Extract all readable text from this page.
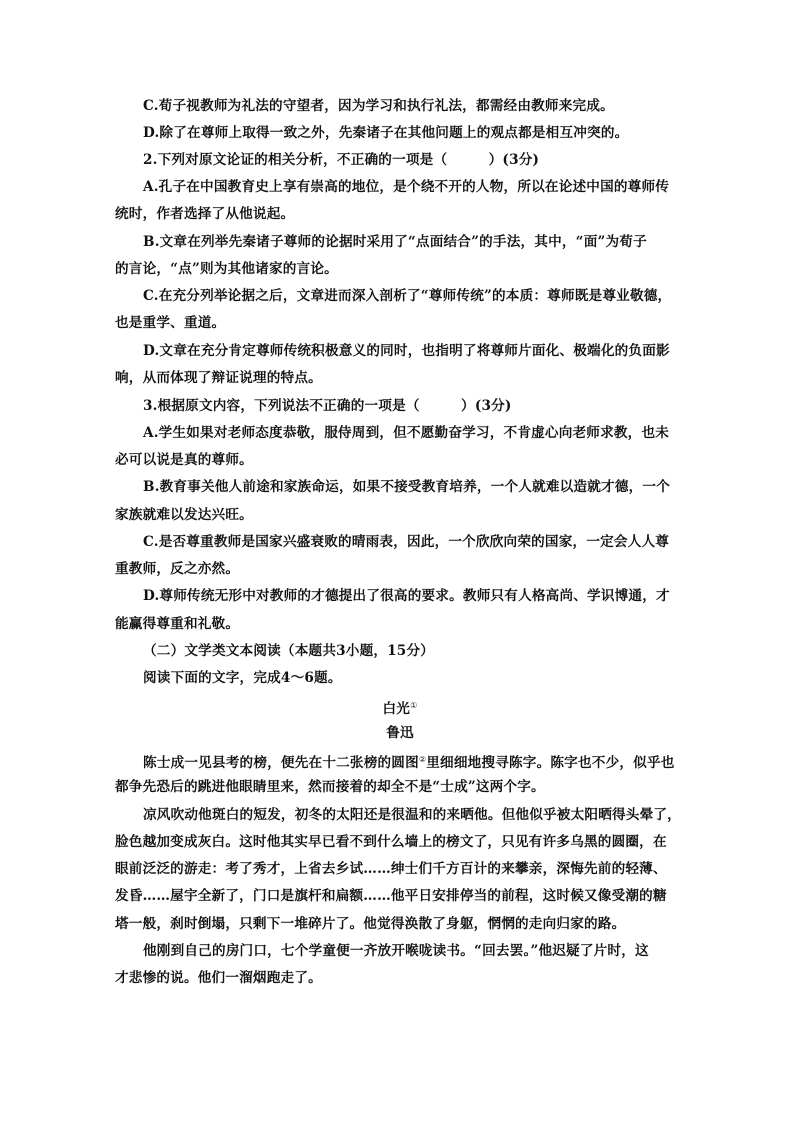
C.荀子视教师为礼法的守望者，因为学习和执行礼法，都需经由教师来完成。
D.除了在尊师上取得一致之外，先秦诸子在其他问题上的观点都是相互冲突的。
2.下列对原文论证的相关分析，不正确的一项是（　　　）(3分)
A.孔子在中国教育史上享有崇高的地位，是个绕不开的人物，所以在论述中国的尊师传
统时，作者选择了从他说起。
B.文章在列举先秦诸子尊师的论据时采用了“点面结合”的手法，其中，“面”为荀子
的言论，“点”则为其他诸家的言论。
C.在充分列举论据之后，文章进而深入剖析了“尊师传统”的本质：尊师既是尊业敬德，
也是重学、重道。
D.文章在充分肯定尊师传统积极意义的同时，也指明了将尊师片面化、极端化的负面影
响，从而体现了辩证说理的特点。
3.根据原文内容，下列说法不正确的一项是（　　　）(3分)
A.学生如果对老师态度恭敬，服侍周到，但不愿勤奋学习，不肯虚心向老师求教，也未
必可以说是真的尊师。
B.教育事关他人前途和家族命运，如果不接受教育培养，一个人就难以造就才德，一个
家族就难以发达兴旺。
C.是否尊重教师是国家兴盛衰败的晴雨表，因此，一个欣欣向荣的国家，一定会人人尊
重教师，反之亦然。
D.尊师传统无形中对教师的才德提出了很高的要求。教师只有人格高尚、学识博通，才
能赢得尊重和礼敬。
（二）文学类文本阅读（本题共3小题，15分）
阅读下面的文字，完成4～6题。
白光①
鲁迅
陈士成一见县考的榜，便先在十二张榜的圆图②里细细地搜寻陈字。陈字也不少，似乎也
都争先恐后的跳进他眼睛里来，然而接着的却全不是“士成”这两个字。
凉风吹动他斑白的短发，初冬的太阳还是很温和的来晒他。但他似乎被太阳晒得头晕了，
脸色越加变成灰白。这时他其实早已看不到什么墙上的榜文了，只见有许多乌黑的圆圈，在
眼前泛泛的游走：考了秀才，上省去乡试……绅士们千方百计的来攀亲，深悔先前的轻薄、
发昏……屋宇全新了，门口是旗杆和扁额……他平日安排停当的前程，这时候又像受潮的糖
塔一般，刹时倒塌，只剩下一堆碎片了。他觉得涣散了身躯，惘惘的走向归家的路。
他刚到自己的房门口，七个学童便一齐放开喉咙读书。“回去罢。”他迟疑了片时，这
才悲惨的说。他们一溜烟跑走了。
